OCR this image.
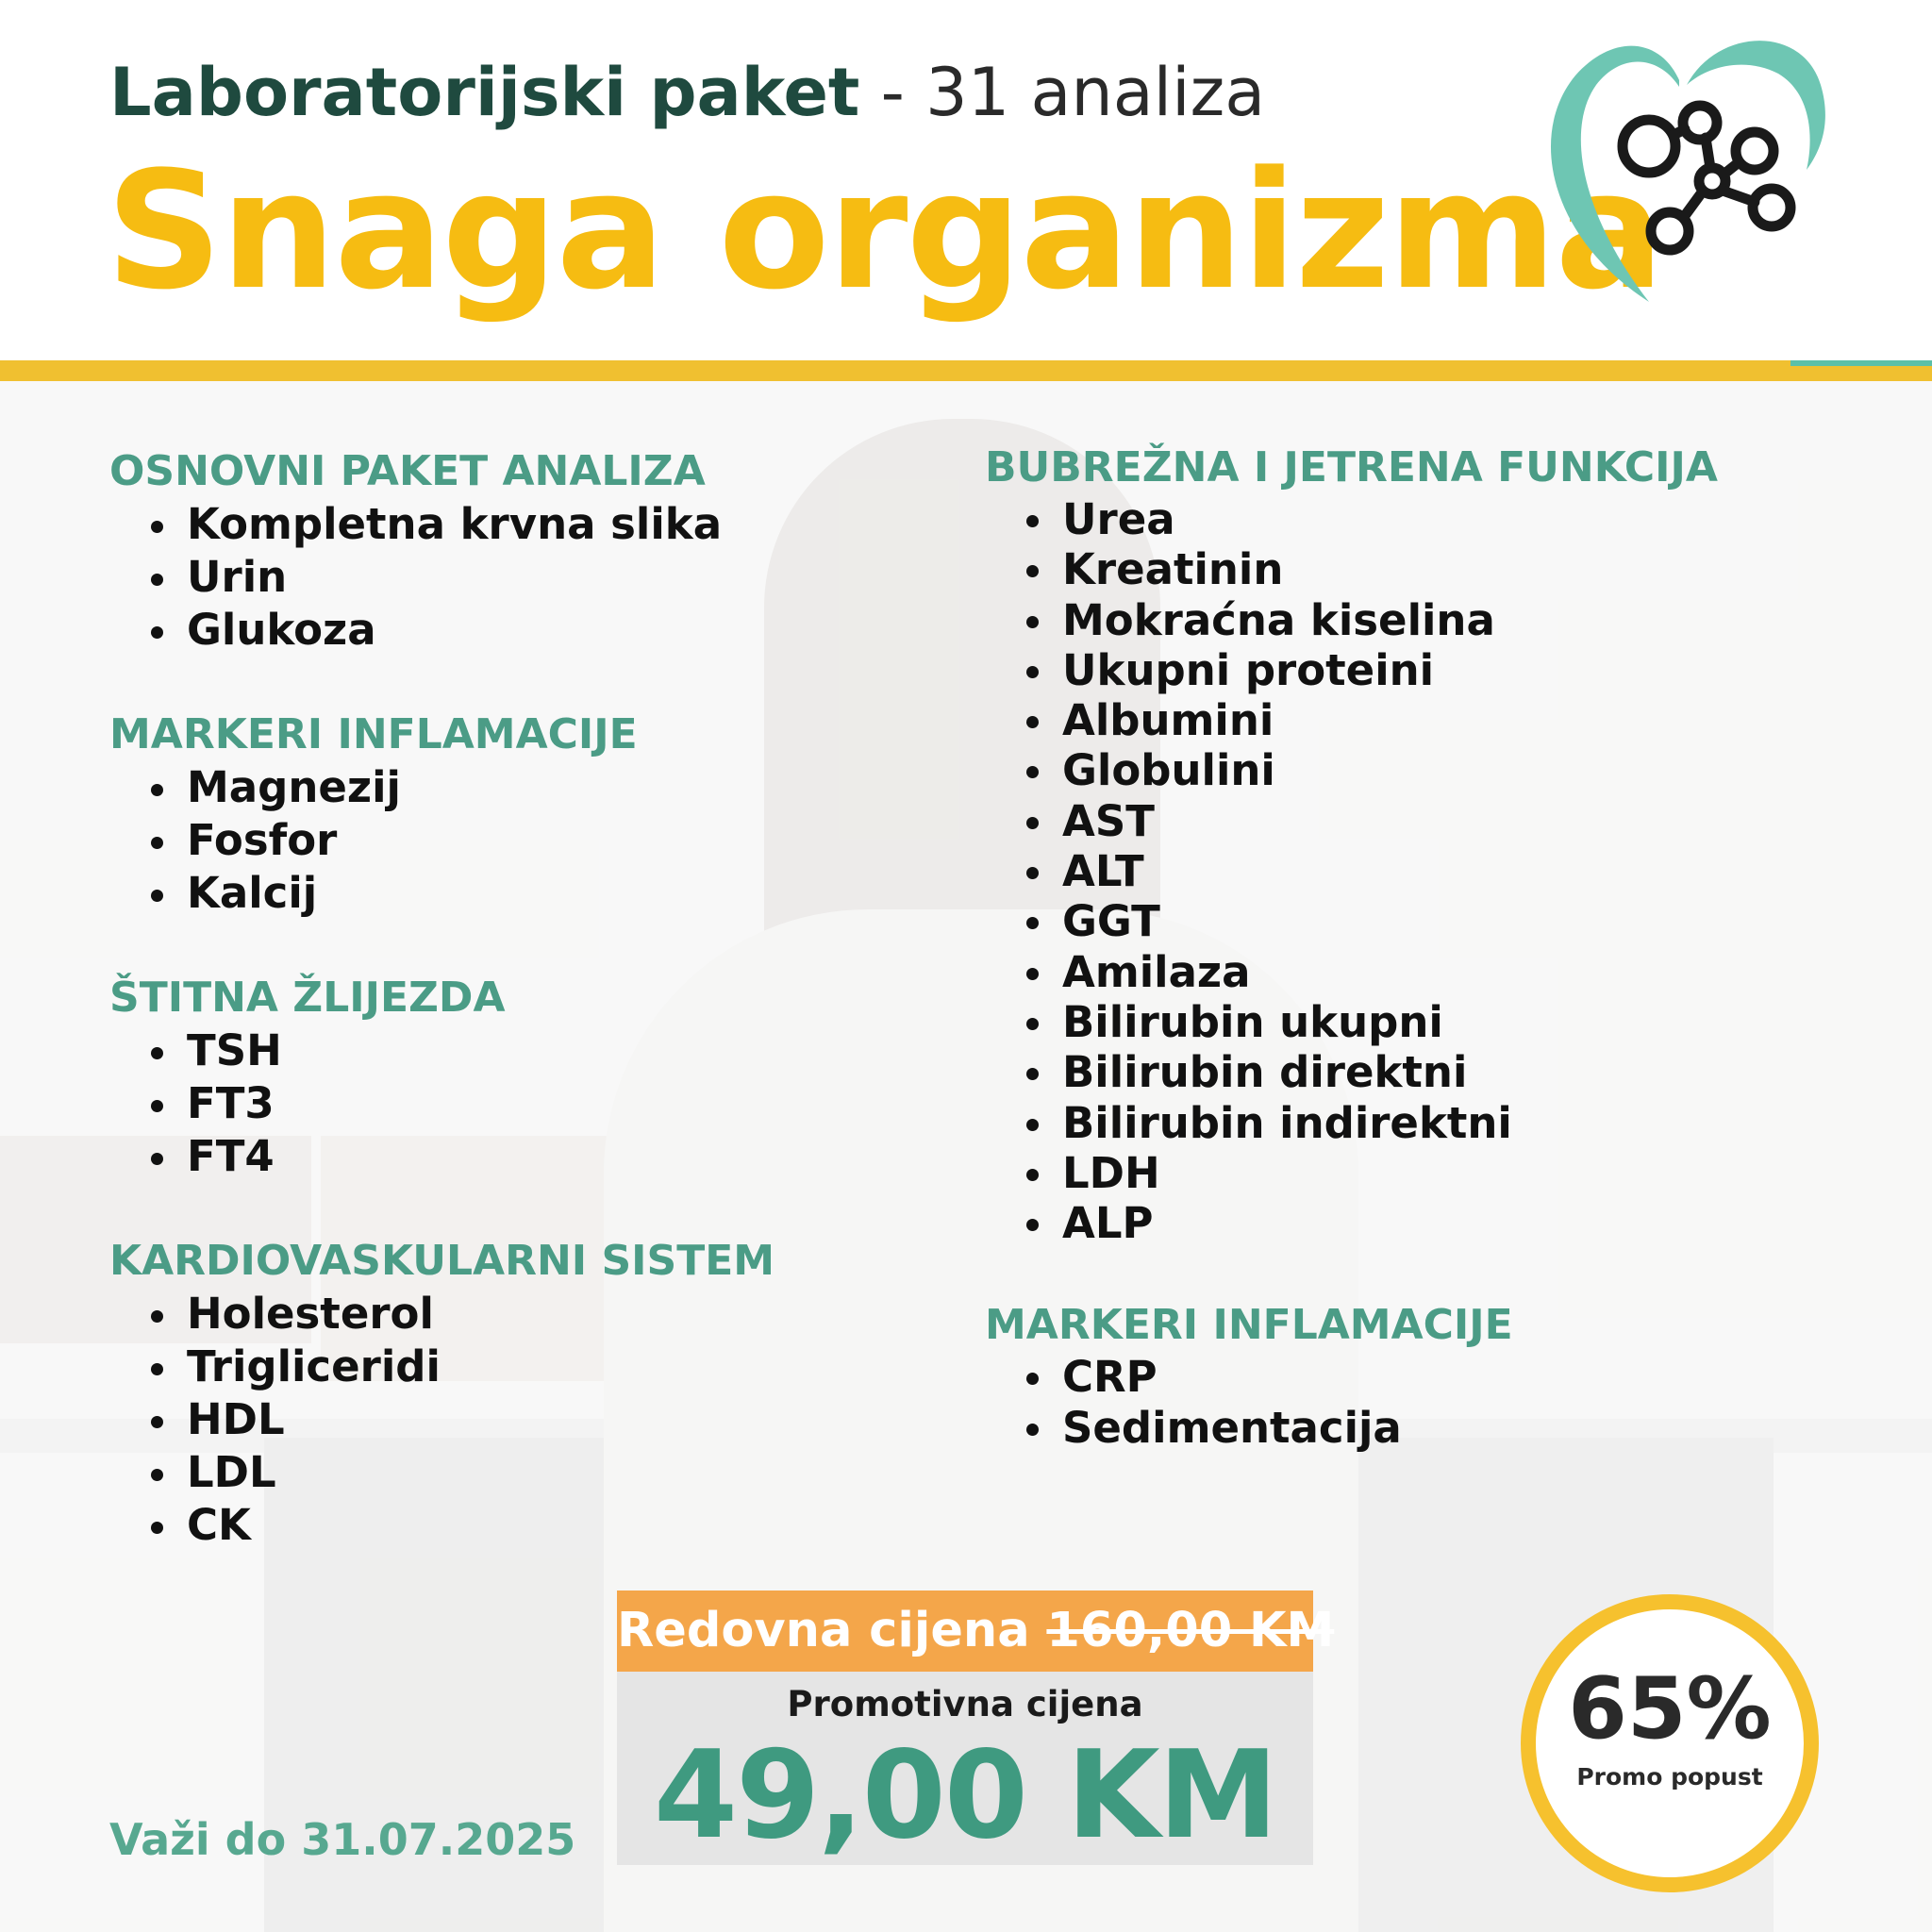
Laboratorijski paket - 31 analiza
Snaga organizma
OSNOVNI PAKET ANALIZA
Kompletna krvna slika
Urin
Glukoza
MARKERI INFLAMACIJE
Magnezij
Fosfor
Kalcij
ŠTITNA ŽLIJEZDA
TSH
FT3
FT4
KARDIOVASKULARNI SISTEM
Holesterol
Trigliceridi
HDL
LDL
CK
BUBREŽNA I JETRENA FUNKCIJA
Urea
Kreatinin
Mokraćna kiselina
Ukupni proteini
Albumini
Globulini
AST
ALT
GGT
Amilaza
Bilirubin ukupni
Bilirubin direktni
Bilirubin indirektni
LDH
ALP
MARKERI INFLAMACIJE
CRP
Sedimentacija
Redovna cijena 160,00 KM
Promotivna cijena
49,00 KM
Važi do 31.07.2025
65%
Promo popust
